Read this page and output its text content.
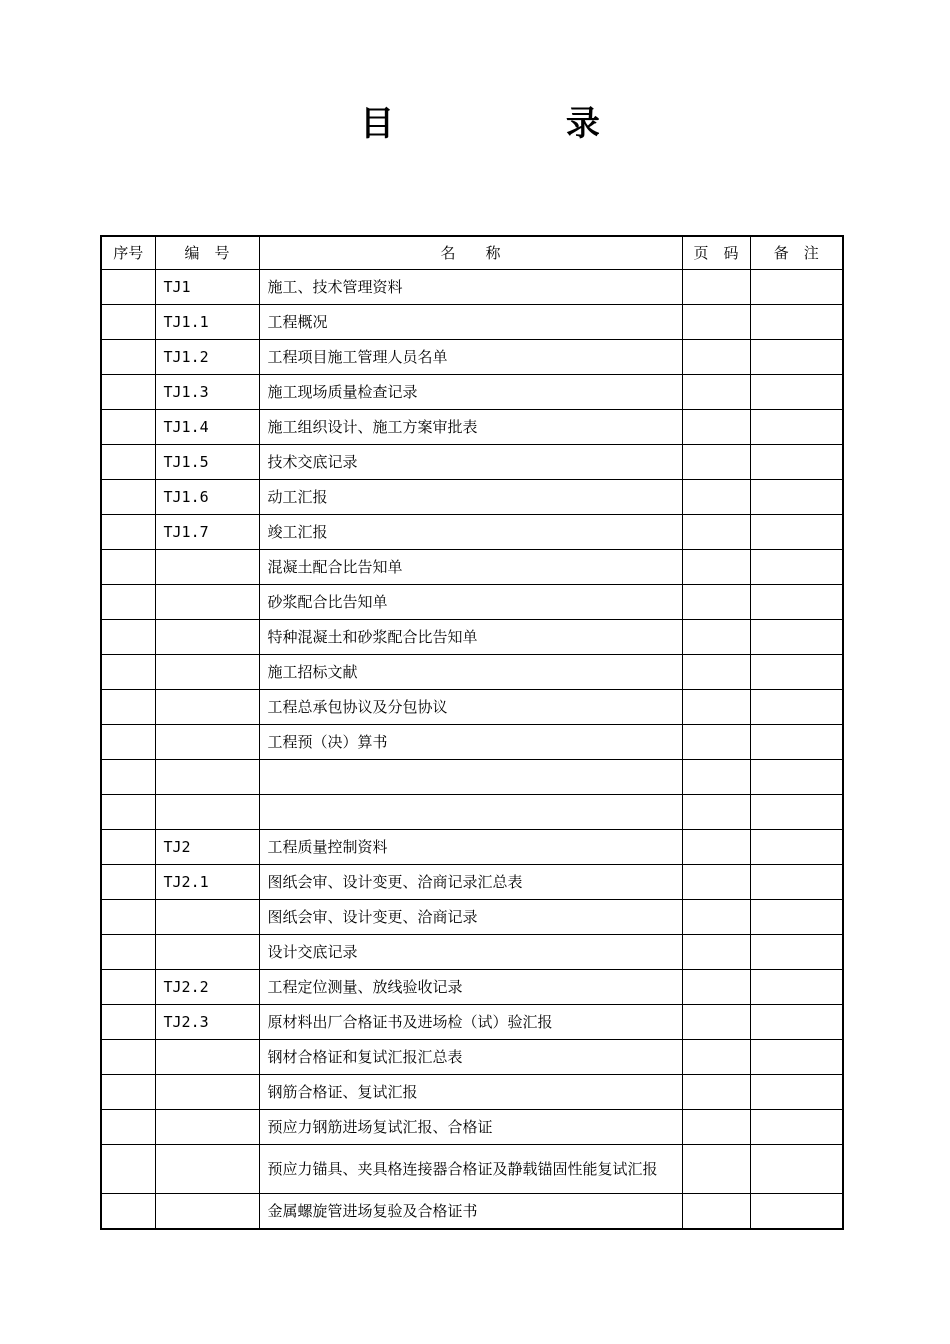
目 录
序号	编　号	名　　称	页　码	备　注
	TJ1	施工、技术管理资料		
	TJ1.1	工程概况		
	TJ1.2	工程项目施工管理人员名单		
	TJ1.3	施工现场质量检查记录		
	TJ1.4	施工组织设计、施工方案审批表		
	TJ1.5	技术交底记录		
	TJ1.6	动工汇报		
	TJ1.7	竣工汇报		
		混凝土配合比告知单		
		砂浆配合比告知单		
		特种混凝土和砂浆配合比告知单		
		施工招标文献		
		工程总承包协议及分包协议		
		工程预（决）算书		

	TJ2	工程质量控制资料		
	TJ2.1	图纸会审、设计变更、洽商记录汇总表		
		图纸会审、设计变更、洽商记录		
		设计交底记录		
	TJ2.2	工程定位测量、放线验收记录		
	TJ2.3	原材料出厂合格证书及进场检（试）验汇报		
		钢材合格证和复试汇报汇总表		
		钢筋合格证、复试汇报		
		预应力钢筋进场复试汇报、合格证		
		预应力锚具、夹具格连接器合格证及静载锚固性能复试汇报		
		金属螺旋管进场复验及合格证书		
